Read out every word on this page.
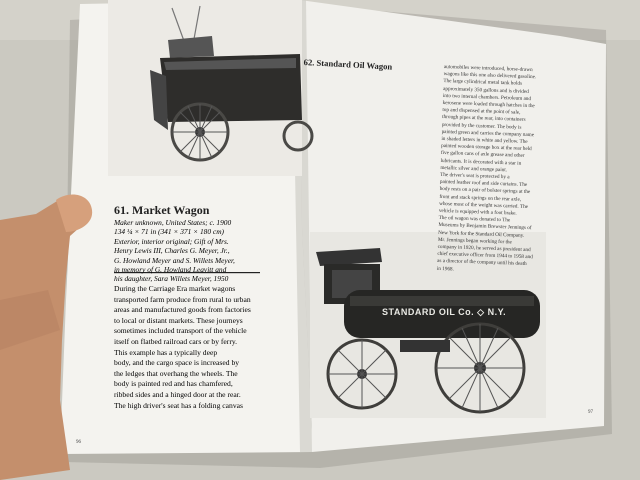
61. Market Wagon
Maker unknown, United States; c. 1900
134 ¼ × 71 in (341 × 371 × 180 cm)
Exterior, interior original; Gift of Mrs.
Henry Lewis III, Charles G. Meyer, Jr.,
G. Howland Meyer and S. Willets Meyer,
in memory of G. Howland Leavitt and
his daughter, Sara Willets Meyer, 1950
During the Carriage Era market wagons
transported farm produce from rural to urban
areas and manufactured goods from factories
to local or distant markets. These journeys
sometimes included transport of the vehicle
itself on flatbed railroad cars or by ferry.
This example has a typically deep
body, and the cargo space is increased by
the ledges that overhang the wheels. The
body is painted red and has chamfered,
ribbed sides and a hinged door at the rear.
The high driver's seat has a folding canvas
96
62. Standard Oil Wagon	automobiles were introduced, horse-drawn
wagons like this one also delivered gasoline.
The large cylindrical metal tank holds
approximately 350 gallons and is divided
into two internal chambers. Petroleum and
kerosene were loaded through hatches in the
top and dispensed at the point of sale,
through pipes at the rear, into containers
provided by the customer. The body is
painted green and carries the company name
in shaded letters in white and yellow. The
painted wooden storage box at the rear held
five gallon cans of axle grease and other
lubricants. It is decorated with a star in
metallic silver and orange paint.
The driver's seat is protected by a
painted leather roof and side curtains. The
body rests on a pair of bolster springs at the
front and stack springs on the rear axle,
whose most of the weight was carried. The
vehicle is equipped with a foot brake.
The oil wagon was donated to The
Museums by Benjamin Brewster Jennings of
New York for the Standard Oil Company.
Mr. Jennings began working for the
company in 1920, he served as president and
chief executive officer from 1944 to 1958 and
as a director of the company until his death
in 1968.
STANDARD OIL Co. ◇ N.Y.
97
